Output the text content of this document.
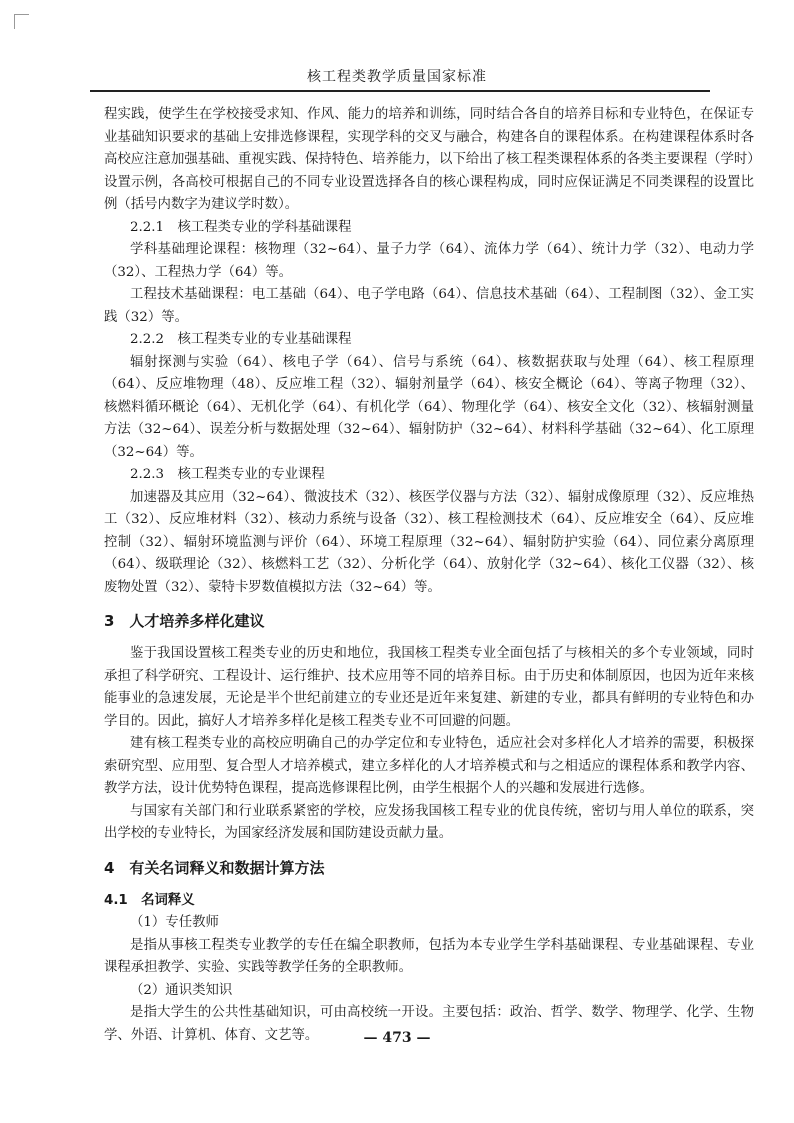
核工程类教学质量国家标准

程实践，使学生在学校接受求知、作风、能力的培养和训练，同时结合各自的培养目标和专业特色，在保证专业基础知识要求的基础上安排选修课程，实现学科的交叉与融合，构建各自的课程体系。在构建课程体系时各高校应注意加强基础、重视实践、保持特色、培养能力，以下给出了核工程类课程体系的各类主要课程（学时）设置示例，各高校可根据自己的不同专业设置选择各自的核心课程构成，同时应保证满足不同类课程的设置比例（括号内数字为建议学时数）。

2.2.1　核工程类专业的学科基础课程

学科基础理论课程：核物理（32~64）、量子力学（64）、流体力学（64）、统计力学（32）、电动力学（32）、工程热力学（64）等。

工程技术基础课程：电工基础（64）、电子学电路（64）、信息技术基础（64）、工程制图（32）、金工实践（32）等。

2.2.2　核工程类专业的专业基础课程

辐射探测与实验（64）、核电子学（64）、信号与系统（64）、核数据获取与处理（64）、核工程原理（64）、反应堆物理（48）、反应堆工程（32）、辐射剂量学（64）、核安全概论（64）、等离子物理（32）、核燃料循环概论（64）、无机化学（64）、有机化学（64）、物理化学（64）、核安全文化（32）、核辐射测量方法（32~64）、误差分析与数据处理（32~64）、辐射防护（32~64）、材料科学基础（32~64）、化工原理（32~64）等。

2.2.3　核工程类专业的专业课程

加速器及其应用（32~64）、微波技术（32）、核医学仪器与方法（32）、辐射成像原理（32）、反应堆热工（32）、反应堆材料（32）、核动力系统与设备（32）、核工程检测技术（64）、反应堆安全（64）、反应堆控制（32）、辐射环境监测与评价（64）、环境工程原理（32~64）、辐射防护实验（64）、同位素分离原理（64）、级联理论（32）、核燃料工艺（32）、分析化学（64）、放射化学（32~64）、核化工仪器（32）、核废物处置（32）、蒙特卡罗数值模拟方法（32~64）等。

3　人才培养多样化建议

鉴于我国设置核工程类专业的历史和地位，我国核工程类专业全面包括了与核相关的多个专业领域，同时承担了科学研究、工程设计、运行维护、技术应用等不同的培养目标。由于历史和体制原因，也因为近年来核能事业的急速发展，无论是半个世纪前建立的专业还是近年来复建、新建的专业，都具有鲜明的专业特色和办学目的。因此，搞好人才培养多样化是核工程类专业不可回避的问题。

建有核工程类专业的高校应明确自己的办学定位和专业特色，适应社会对多样化人才培养的需要，积极探索研究型、应用型、复合型人才培养模式，建立多样化的人才培养模式和与之相适应的课程体系和教学内容、教学方法，设计优势特色课程，提高选修课程比例，由学生根据个人的兴趣和发展进行选修。

与国家有关部门和行业联系紧密的学校，应发扬我国核工程专业的优良传统，密切与用人单位的联系，突出学校的专业特长，为国家经济发展和国防建设贡献力量。

4　有关名词释义和数据计算方法
4.1　名词释义

（1）专任教师

是指从事核工程类专业教学的专任在编全职教师，包括为本专业学生学科基础课程、专业基础课程、专业课程承担教学、实验、实践等教学任务的全职教师。

（2）通识类知识

是指大学生的公共性基础知识，可由高校统一开设。主要包括：政治、哲学、数学、物理学、化学、生物学、外语、计算机、体育、文艺等。	— 473 —
